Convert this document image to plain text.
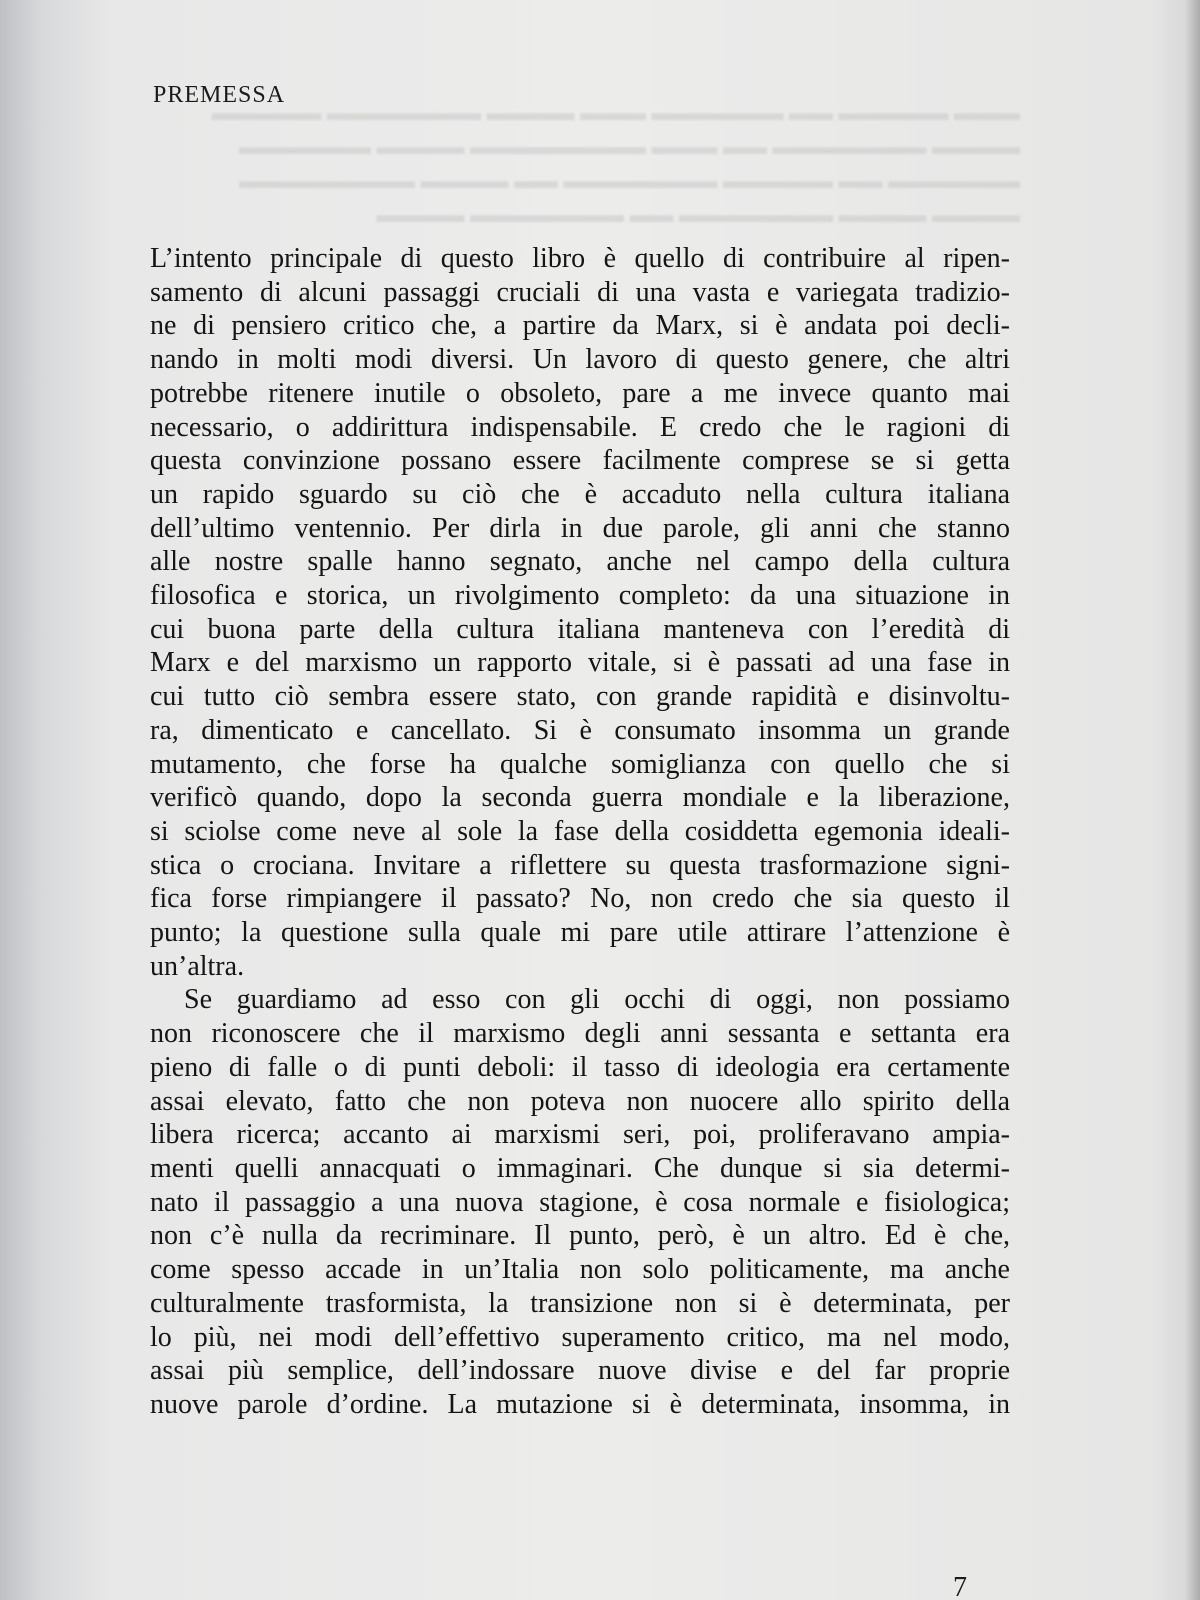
▬▬▬ ▬▬▬▬▬ ▬▬ ▬▬▬▬▬▬ ▬▬▬ ▬▬▬▬ ▬▬▬▬▬▬▬ ▬▬▬▬▬
▬▬▬▬ ▬▬▬▬▬▬▬ ▬▬ ▬▬▬ ▬▬▬▬▬▬▬▬ ▬▬▬▬ ▬▬▬▬▬▬
▬▬▬▬▬▬ ▬▬ ▬▬▬▬▬ ▬▬▬▬▬▬▬ ▬▬ ▬▬▬▬ ▬▬▬▬▬▬▬▬
▬▬▬▬ ▬▬▬▬ ▬▬▬▬▬▬▬ ▬▬ ▬▬▬▬▬▬▬ ▬▬▬▬
PREMESSA
L’intento principale di questo libro è quello di contribuire al ripen-
samento di alcuni passaggi cruciali di una vasta e variegata tradizio-
ne di pensiero critico che, a partire da Marx, si è andata poi decli-
nando in molti modi diversi. Un lavoro di questo genere, che altri
potrebbe ritenere inutile o obsoleto, pare a me invece quanto mai
necessario, o addirittura indispensabile. E credo che le ragioni di
questa convinzione possano essere facilmente comprese se si getta
un rapido sguardo su ciò che è accaduto nella cultura italiana
dell’ultimo ventennio. Per dirla in due parole, gli anni che stanno
alle nostre spalle hanno segnato, anche nel campo della cultura
filosofica e storica, un rivolgimento completo: da una situazione in
cui buona parte della cultura italiana manteneva con l’eredità di
Marx e del marxismo un rapporto vitale, si è passati ad una fase in
cui tutto ciò sembra essere stato, con grande rapidità e disinvoltu-
ra, dimenticato e cancellato. Si è consumato insomma un grande
mutamento, che forse ha qualche somiglianza con quello che si
verificò quando, dopo la seconda guerra mondiale e la liberazione,
si sciolse come neve al sole la fase della cosiddetta egemonia ideali-
stica o crociana. Invitare a riflettere su questa trasformazione signi-
fica forse rimpiangere il passato? No, non credo che sia questo il
punto; la questione sulla quale mi pare utile attirare l’attenzione è
un’altra.
Se guardiamo ad esso con gli occhi di oggi, non possiamo
non riconoscere che il marxismo degli anni sessanta e settanta era
pieno di falle o di punti deboli: il tasso di ideologia era certamente
assai elevato, fatto che non poteva non nuocere allo spirito della
libera ricerca; accanto ai marxismi seri, poi, proliferavano ampia-
menti quelli annacquati o immaginari. Che dunque si sia determi-
nato il passaggio a una nuova stagione, è cosa normale e fisiologica;
non c’è nulla da recriminare. Il punto, però, è un altro. Ed è che,
come spesso accade in un’Italia non solo politicamente, ma anche
culturalmente trasformista, la transizione non si è determinata, per
lo più, nei modi dell’effettivo superamento critico, ma nel modo,
assai più semplice, dell’indossare nuove divise e del far proprie
nuove parole d’ordine. La mutazione si è determinata, insomma, in
7
